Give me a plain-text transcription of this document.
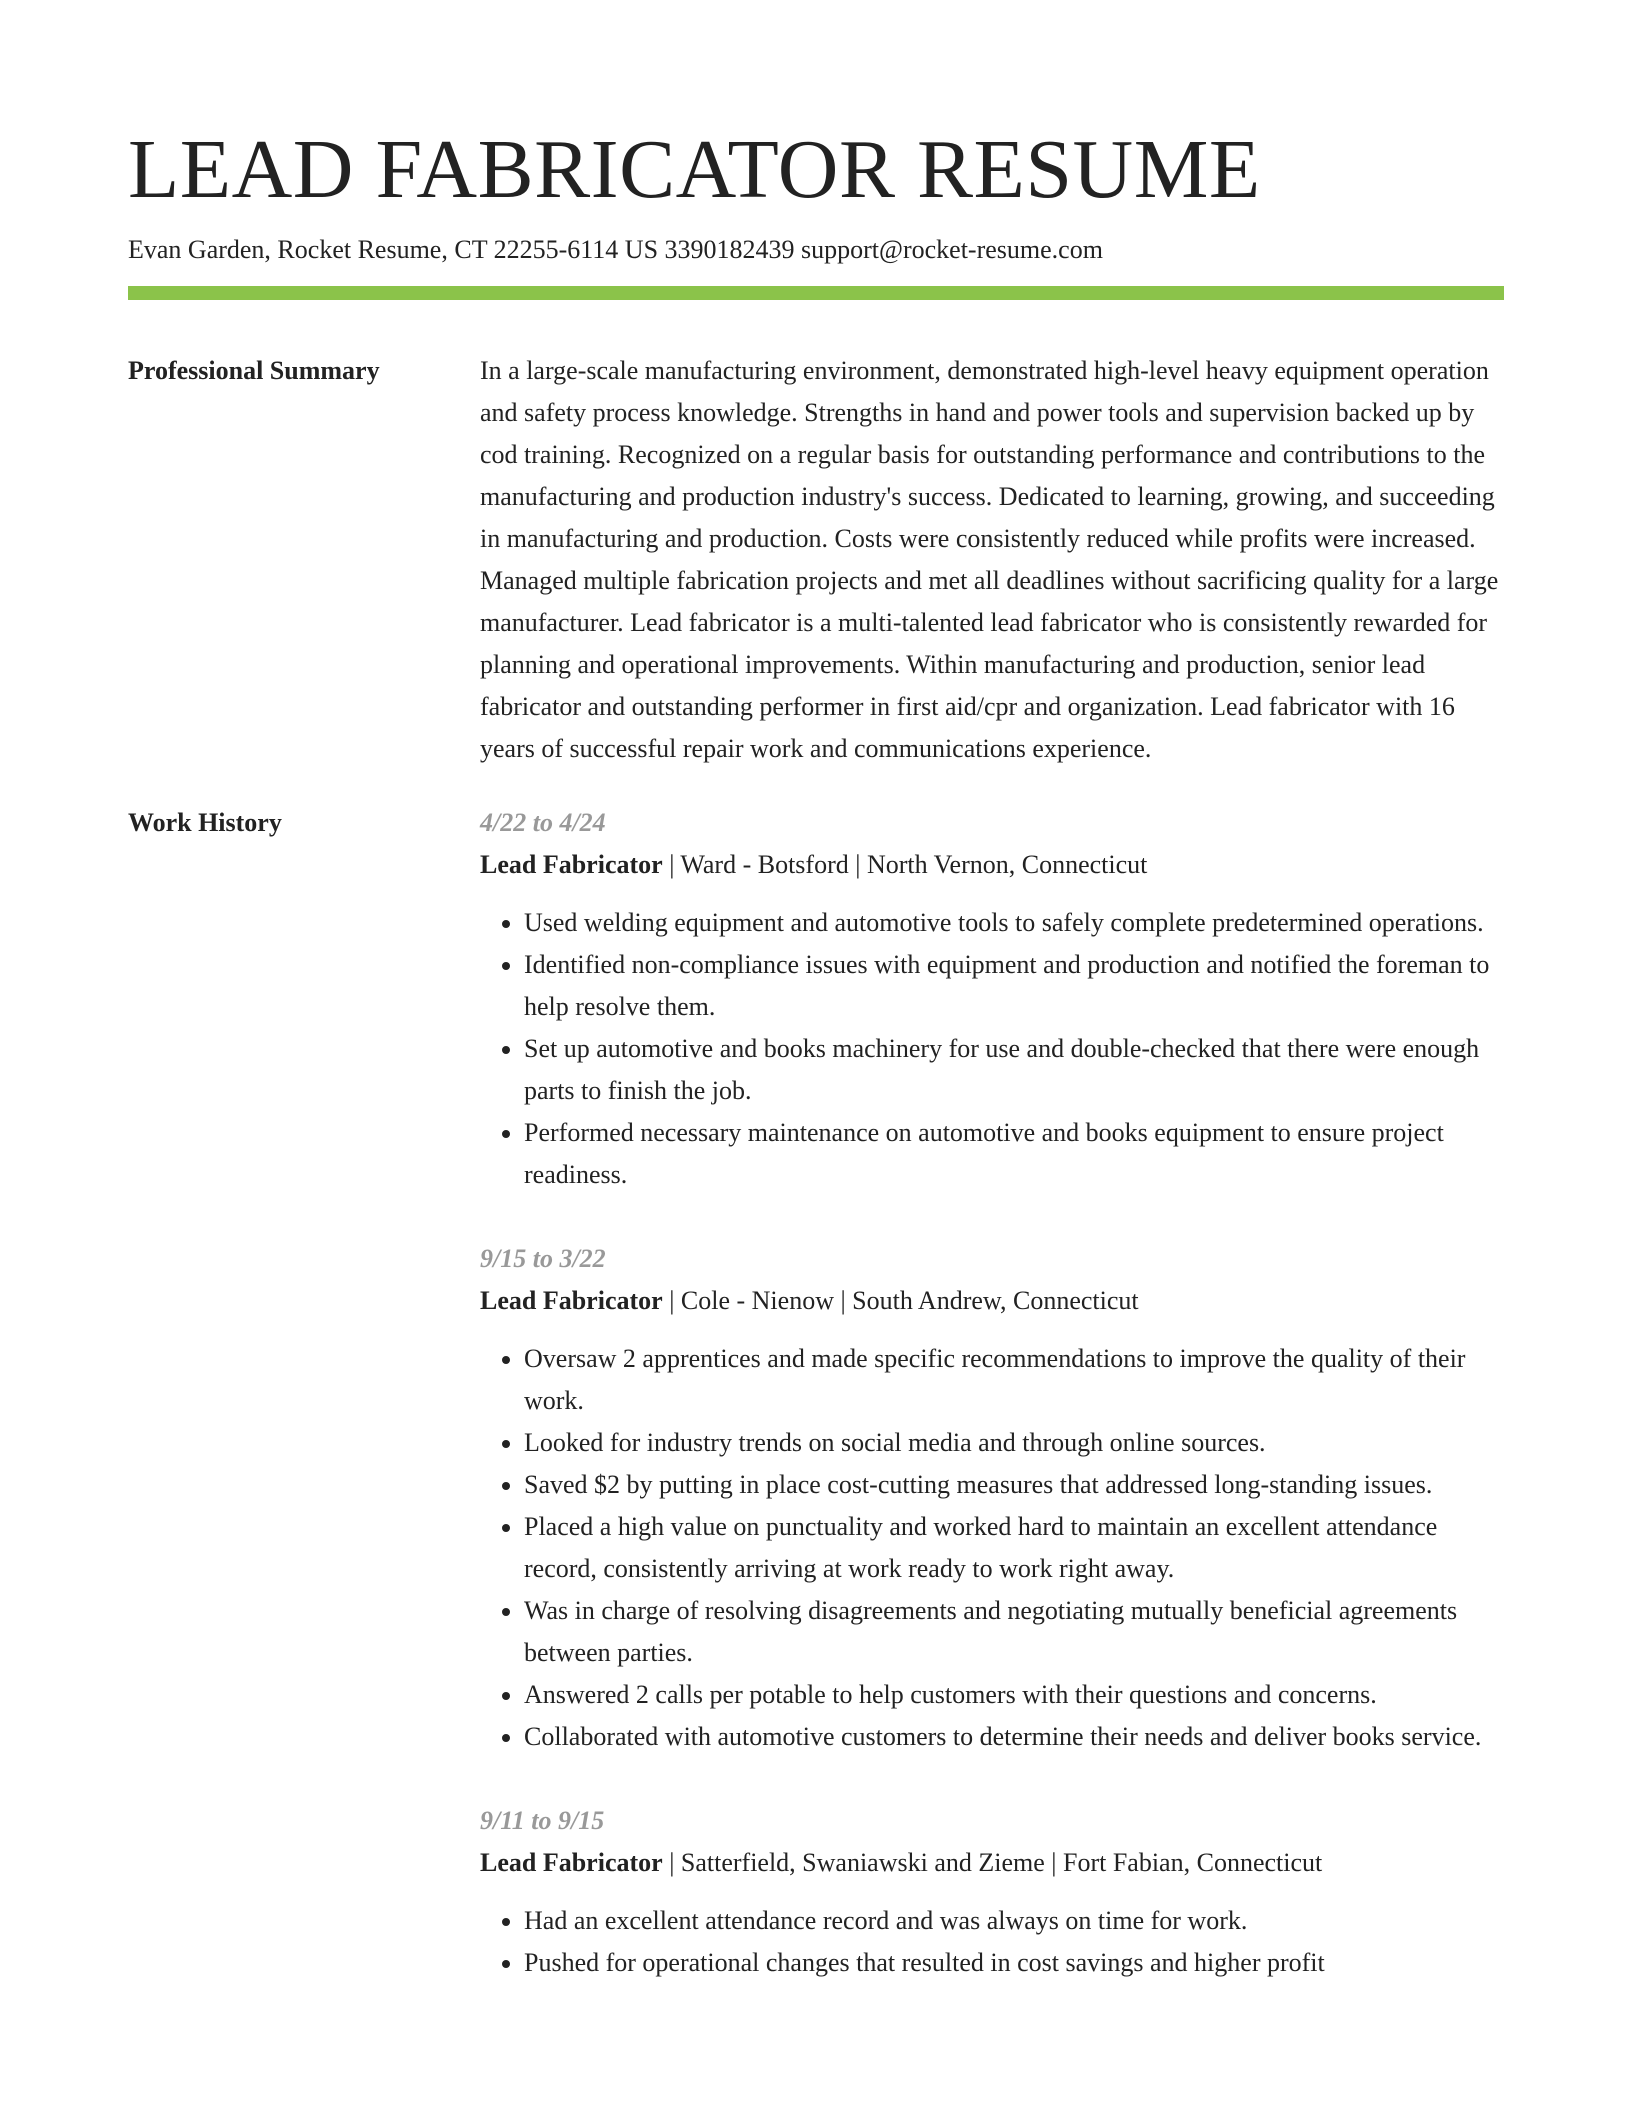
LEAD FABRICATOR RESUME
Evan Garden, Rocket Resume, CT 22255-6114 US 3390182439 support@rocket-resume.com
Professional Summary	In a large-scale manufacturing environment, demonstrated high-level heavy equipment operation and safety process knowledge. Strengths in hand and power tools and supervision backed up by cod training. Recognized on a regular basis for outstanding performance and contributions to the manufacturing and production industry's success. Dedicated to learning, growing, and succeeding in manufacturing and production. Costs were consistently reduced while profits were increased. Managed multiple fabrication projects and met all deadlines without sacrificing quality for a large manufacturer. Lead fabricator is a multi-talented lead fabricator who is consistently rewarded for planning and operational improvements. Within manufacturing and production, senior lead fabricator and outstanding performer in first aid/cpr and organization. Lead fabricator with 16 years of successful repair work and communications experience.

Work History	4/22 to 4/24
Lead Fabricator | Ward - Botsford | North Vernon, Connecticut
• Used welding equipment and automotive tools to safely complete predetermined operations.
• Identified non-compliance issues with equipment and production and notified the foreman to help resolve them.
• Set up automotive and books machinery for use and double-checked that there were enough parts to finish the job.
• Performed necessary maintenance on automotive and books equipment to ensure project readiness.
9/15 to 3/22
Lead Fabricator | Cole - Nienow | South Andrew, Connecticut
• Oversaw 2 apprentices and made specific recommendations to improve the quality of their work.
• Looked for industry trends on social media and through online sources.
• Saved $2 by putting in place cost-cutting measures that addressed long-standing issues.
• Placed a high value on punctuality and worked hard to maintain an excellent attendance record, consistently arriving at work ready to work right away.
• Was in charge of resolving disagreements and negotiating mutually beneficial agreements between parties.
• Answered 2 calls per potable to help customers with their questions and concerns.
• Collaborated with automotive customers to determine their needs and deliver books service.
9/11 to 9/15
Lead Fabricator | Satterfield, Swaniawski and Zieme | Fort Fabian, Connecticut
• Had an excellent attendance record and was always on time for work.
• Pushed for operational changes that resulted in cost savings and higher profit
